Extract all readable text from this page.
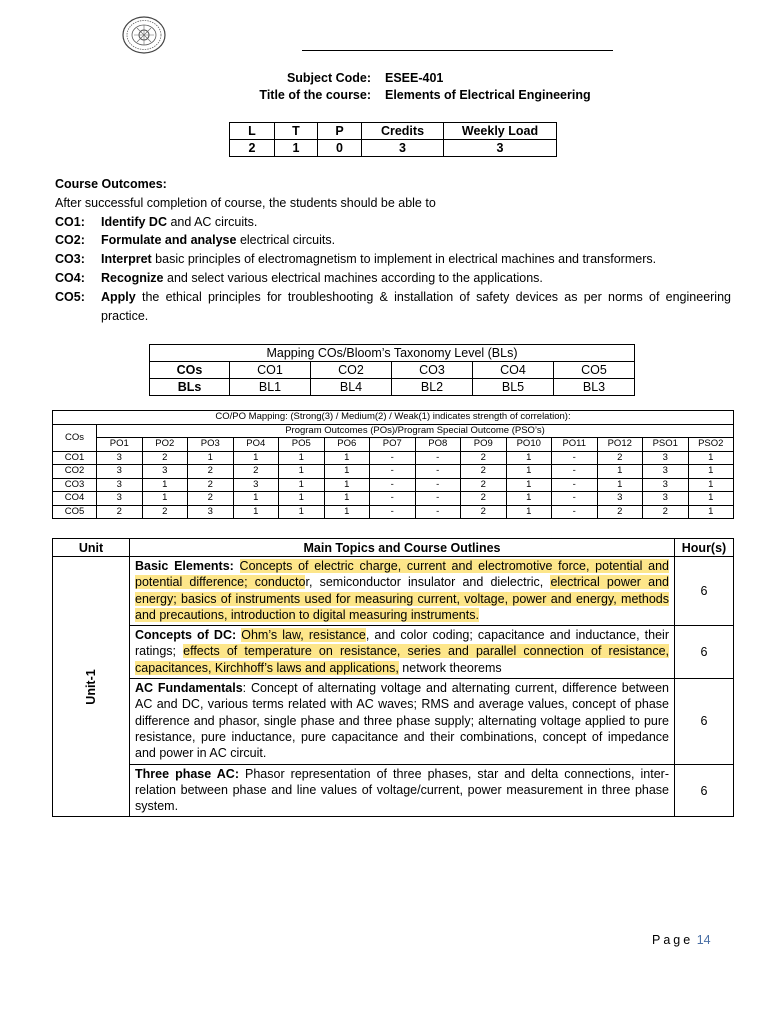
Subject Code:	ESEE-401
Title of the course:	Elements of Electrical Engineering
L	T	P	Credits	Weekly Load
2	1	0	3	3
Course Outcomes:
After successful completion of course, the students should be able to
CO1:	Identify DC and AC circuits.
CO2:	Formulate and analyse electrical circuits.
CO3:	Interpret basic principles of electromagnetism to implement in electrical machines and transformers.
CO4:	Recognize and select various electrical machines according to the applications.
CO5:	Apply the ethical principles for troubleshooting & installation of safety devices as per norms of engineering practice.
Mapping COs/Bloom’s Taxonomy Level (BLs)					
COs	CO1	CO2	CO3	CO4	CO5
BLs	BL1	BL4	BL2	BL5	BL3
CO/PO Mapping: (Strong(3) / Medium(2) / Weak(1) indicates strength of correlation):														
COs	Program Outcomes (POs)/Program Special Outcome (PSO’s)													
	PO1	PO2	PO3	PO4	PO5	PO6	PO7	PO8	PO9	PO10	PO11	PO12	PSO1	PSO2
CO1	3	2	1	1	1	1	-	-	2	1	-	2	3	1
CO2	3	3	2	2	1	1	-	-	2	1	-	1	3	1
CO3	3	1	2	3	1	1	-	-	2	1	-	1	3	1
CO4	3	1	2	1	1	1	-	-	2	1	-	3	3	1
CO5	2	2	3	1	1	1	-	-	2	1	-	2	2	1
Unit	Main Topics and Course Outlines	Hour(s)

Unit-1	Basic Elements: Concepts of electric charge, current and electromotive force, potential and potential difference; conductor, semiconductor insulator and dielectric, electrical power and energy; basics of instruments used for measuring current, voltage, power and energy, methods and precautions, introduction to digital measuring instruments.	6
	Concepts of DC: Ohm’s law, resistance, and color coding; capacitance and inductance, their ratings; effects of temperature on resistance, series and parallel connection of resistance, capacitances, Kirchhoff’s laws and applications, network theorems	6
	AC Fundamentals: Concept of alternating voltage and alternating current, difference between AC and DC, various terms related with AC waves; RMS and average values, concept of phase difference and phasor, single phase and three phase supply; alternating voltage applied to pure resistance, pure inductance, pure capacitance and their combinations, concept of impedance and power in AC circuit.	6
	Three phase AC: Phasor representation of three phases, star and delta connections, inter-relation between phase and line values of voltage/current, power measurement in three phase system.	6
Page 14
